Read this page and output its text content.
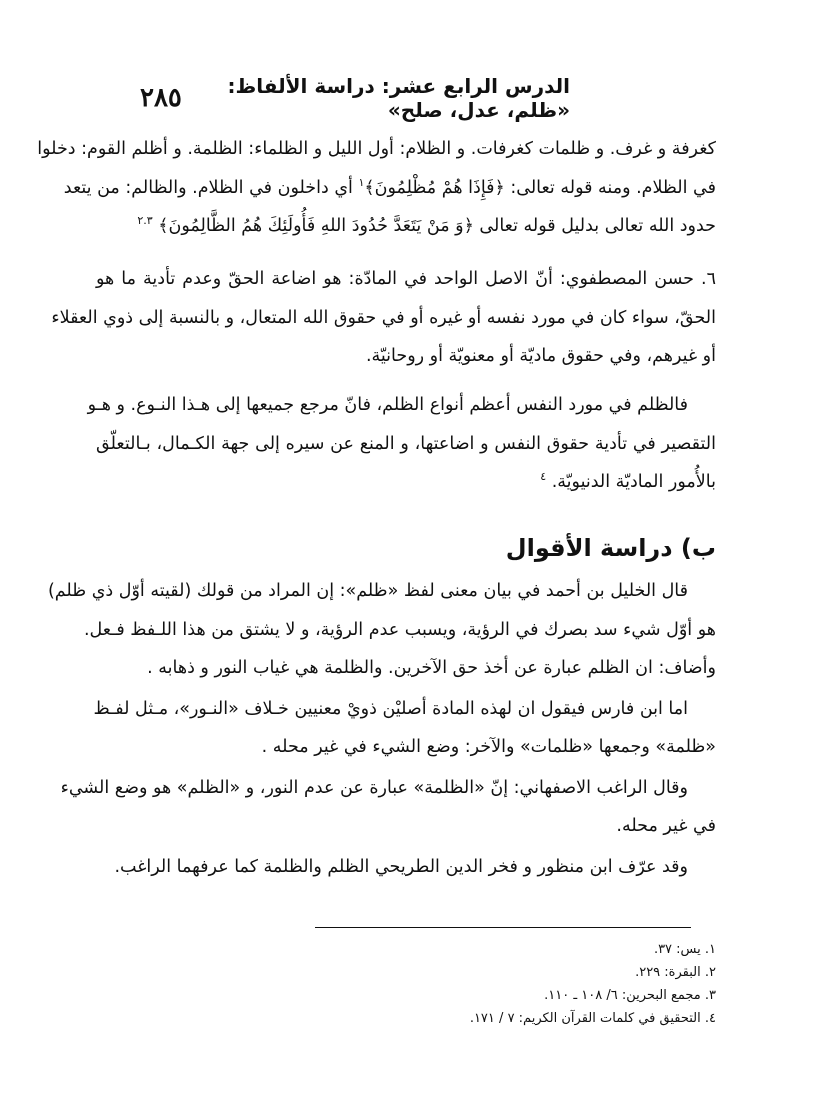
٢٨٥	الدرس الرابع عشر: دراسة الألفاظ: «ظلم، عدل، صلح»
كغرفة و غرف. و ظلمات كغرفات. و الظلام: أول الليل و الظلماء: الظلمة. و أظلم القوم: دخلوا
في الظلام. ومنه قوله تعالى: ﴿فَإِذَا هُمْ مُظْلِمُونَ﴾$^١$ أي داخلون في الظلام. والظالم: من يتعد
حدود الله تعالى بدليل قوله تعالى ﴿وَ مَنْ يَتَعَدَّ حُدُودَ اللهِ فَأُولَئِكَ هُمُ الظَّالِمُونَ﴾ $^{٢.٣}$
٦. حسن المصطفوي: أنّ الاصل الواحد في المادّة: هو اضاعة الحقّ وعدم تأدية ما هو
الحقّ، سواء كان في مورد نفسه أو غيره أو في حقوق الله المتعال، و بالنسبة إلى ذوي العقلاء
أو غيرهم، وفي حقوق ماديّة أو معنويّة أو روحانيّة.
فالظلم في مورد النفس أعظم أنواع الظلم، فانّ مرجع جميعها إلى هـذا النـوع. و هـو
التقصير في تأدية حقوق النفس و اضاعتها، و المنع عن سيره إلى جهة الكـمال، بـالتعلّق
بالأُمور الماديّة الدنيويّة. $^٤$
ب) دراسة الأقوال
قال الخليل بن أحمد في بيان معنى لفظ «ظلم»: إن المراد من قولك (لقيته أوّل ذي ظلم)
هو أوّل شيء سد بصرك في الرؤية، ويسبب عدم الرؤية، و لا يشتق من هذا اللـفظ فـعل.
وأضاف: ان الظلم عبارة عن أخذ حق الآخرين. والظلمة هي غياب النور و ذهابه .
اما ابن فارس فيقول ان لهذه المادة أصليْن ذويْ معنيين خـلاف «النـور»، مـثل لفـظ
«ظلمة» وجمعها «ظلمات» والآخر: وضع الشيء في غير محله .
وقال الراغب الاصفهاني: إنّ «الظلمة» عبارة عن عدم النور، و «الظلم» هو وضع الشيء
في غير محله.
وقد عرّف ابن منظور و فخر الدين الطريحي الظلم والظلمة كما عرفهما الراغب.
١. يس: ٣٧.
٢. البقرة: ٢٢٩.
٣. مجمع البحرين: ٦/ ١٠٨ ـ ١١٠.
٤. التحقيق في كلمات القرآن الكريم: ٧ / ١٧١.
